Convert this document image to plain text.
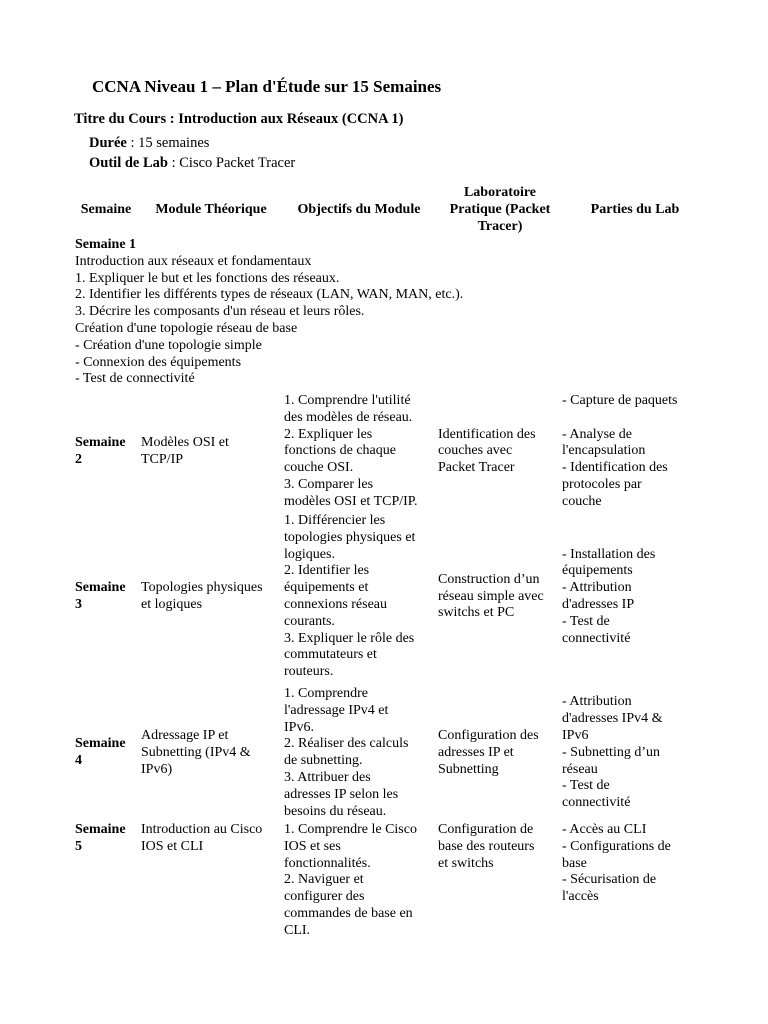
CCNA Niveau 1 – Plan d'Étude sur 15 Semaines
Titre du Cours : Introduction aux Réseaux (CCNA 1)
Durée : 15 semaines
Outil de Lab : Cisco Packet Tracer
Semaine	Module Théorique	Objectifs du Module
Laboratoire
Pratique (Packet
Tracer)
Parties du Lab
Semaine 1
Introduction aux réseaux et fondamentaux
1. Expliquer le but et les fonctions des réseaux.
2. Identifier les différents types de réseaux (LAN, WAN, MAN, etc.).
3. Décrire les composants d'un réseau et leurs rôles.
Création d'une topologie réseau de base
- Création d'une topologie simple
- Connexion des équipements
- Test de connectivité
1. Comprendre l'utilité
des modèles de réseau.
2. Expliquer les
fonctions de chaque
couche OSI.
3. Comparer les
modèles OSI et TCP/IP.
Semaine
2
Modèles OSI et
TCP/IP
Identification des
couches avec
Packet Tracer
- Capture de paquets

- Analyse de
l'encapsulation
- Identification des
protocoles par
couche
1. Différencier les
topologies physiques et
logiques.
2. Identifier les
équipements et
connexions réseau
courants.
3. Expliquer le rôle des
commutateurs et
routeurs.
Semaine
3
Topologies physiques
et logiques
Construction d’un
réseau simple avec
switchs et PC
- Installation des
équipements
- Attribution
d'adresses IP
- Test de
connectivité
1. Comprendre
l'adressage IPv4 et
IPv6.
2. Réaliser des calculs
de subnetting.
3. Attribuer des
adresses IP selon les
besoins du réseau.
Semaine
4
Adressage IP et
Subnetting (IPv4 &
IPv6)
Configuration des
adresses IP et
Subnetting
- Attribution
d'adresses IPv4 &
IPv6
- Subnetting d’un
réseau
- Test de
connectivité
1. Comprendre le Cisco
IOS et ses
fonctionnalités.
2. Naviguer et
configurer des
commandes de base en
CLI.
Semaine
5
Introduction au Cisco
IOS et CLI
Configuration de
base des routeurs
et switchs
- Accès au CLI
- Configurations de
base
- Sécurisation de
l'accès
